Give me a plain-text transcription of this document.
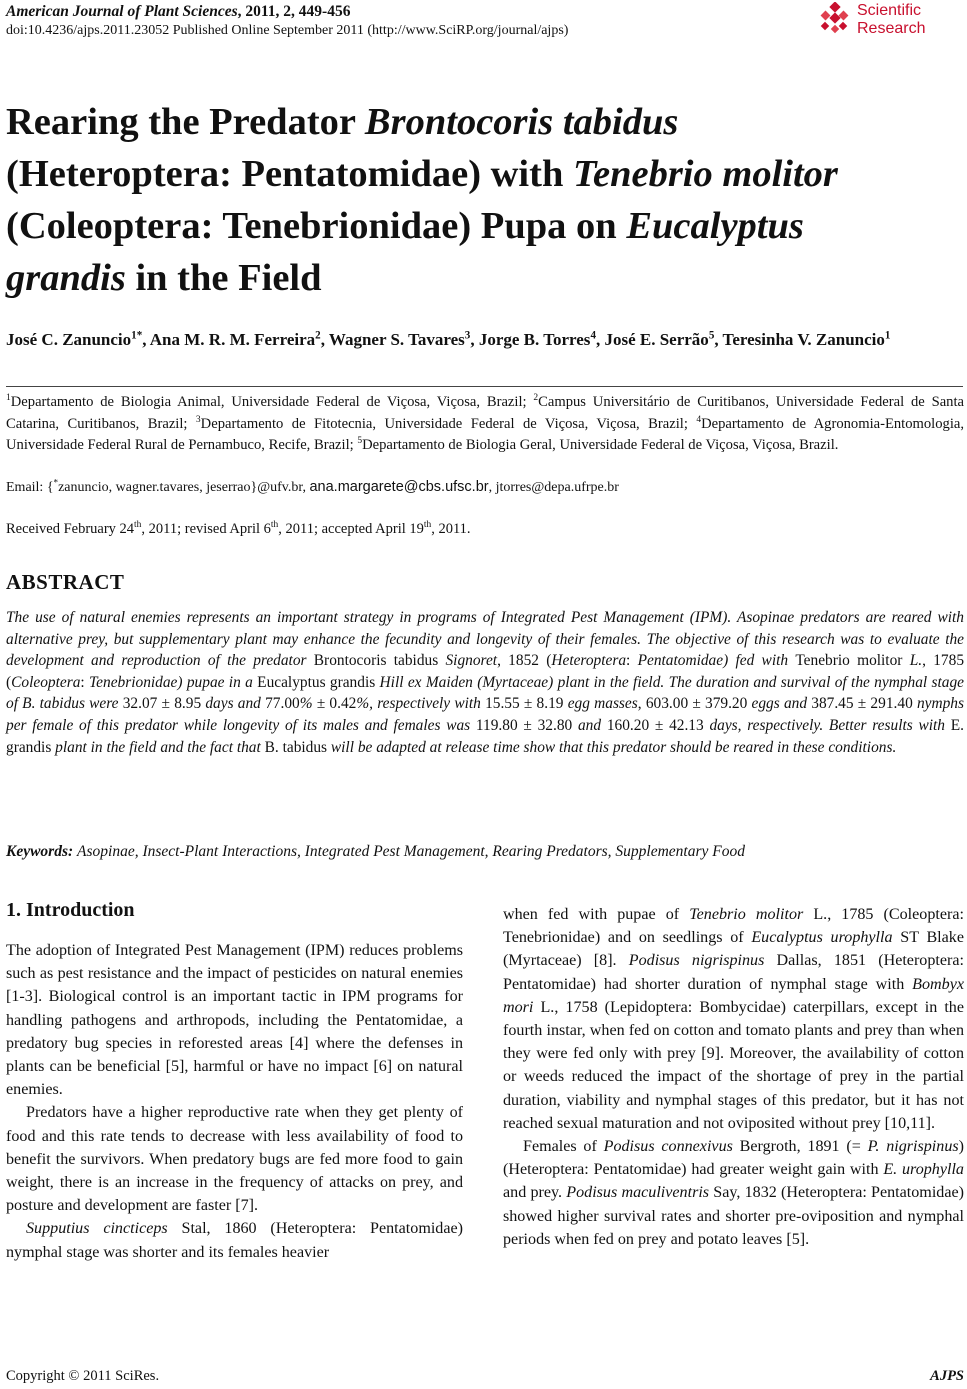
American Journal of Plant Sciences, 2011, 2, 449-456
doi:10.4236/ajps.2011.23052 Published Online September 2011 (http://www.SciRP.org/journal/ajps)
Scientific
Research
Rearing the Predator Brontocoris tabidus
(Heteroptera: Pentatomidae) with Tenebrio molitor (Coleoptera: Tenebrionidae) Pupa on Eucalyptus grandis in the Field
José C. Zanuncio$^{1*}$, Ana M. R. M. Ferreira$^2$, Wagner S. Tavares$^3$, Jorge B. Torres$^4$, José E. Serrão$^5$, Teresinha V. Zanuncio$^1$
$^1$Departamento de Biologia Animal, Universidade Federal de Viçosa, Viçosa, Brazil; $^2$Campus Universitário de Curitibanos, Universidade Federal de Santa Catarina, Curitibanos, Brazil; $^3$Departamento de Fitotecnia, Universidade Federal de Viçosa, Viçosa, Brazil; $^4$Departamento de Agronomia-Entomologia, Universidade Federal Rural de Pernambuco, Recife, Brazil; $^5$Departamento de Biologia Geral, Universidade Federal de Viçosa, Viçosa, Brazil.
Email: {*zanuncio, wagner.tavares, jeserrao}@ufv.br, ana.margarete@cbs.ufsc.br, jtorres@depa.ufrpe.br
Received February 24th, 2011; revised April 6th, 2011; accepted April 19th, 2011.
ABSTRACT
The use of natural enemies represents an important strategy in programs of Integrated Pest Management (IPM). Asopinae predators are reared with alternative prey, but supplementary plant may enhance the fecundity and longevity of their females. The objective of this research was to evaluate the development and reproduction of the predator Brontocoris tabidus Signoret, 1852 (Heteroptera: Pentatomidae) fed with Tenebrio molitor L., 1785 (Coleoptera: Tenebrionidae) pupae in a Eucalyptus grandis Hill ex Maiden (Myrtaceae) plant in the field. The duration and survival of the nymphal stage of B. tabidus were 32.07 ± 8.95 days and 77.00% ± 0.42%, respectively with 15.55 ± 8.19 egg masses, 603.00 ± 379.20 eggs and 387.45 ± 291.40 nymphs per female of this predator while longevity of its males and females was 119.80 ± 32.80 and 160.20 ± 42.13 days, respectively. Better results with E. grandis plant in the field and the fact that B. tabidus will be adapted at release time show that this predator should be reared in these conditions.
Keywords: Asopinae, Insect-Plant Interactions, Integrated Pest Management, Rearing Predators, Supplementary Food
1. Introduction

The adoption of Integrated Pest Management (IPM) reduces problems such as pest resistance and the impact of pesticides on natural enemies [1-3]. Biological control is an important tactic in IPM programs for handling pathogens and arthropods, including the Pentatomidae, a predatory bug species in reforested areas [4] where the defenses in plants can be beneficial [5], harmful or have no impact [6] on natural enemies.

Predators have a higher reproductive rate when they get plenty of food and this rate tends to decrease with less availability of food to benefit the survivors. When predatory bugs are fed more food to gain weight, there is an increase in the frequency of attacks on prey, and posture and development are faster [7].

Supputius cincticeps Stal, 1860 (Heteroptera: Pentatomidae) nymphal stage was shorter and its females heavier

when fed with pupae of Tenebrio molitor L., 1785 (Coleoptera: Tenebrionidae) and on seedlings of Eucalyptus urophylla ST Blake (Myrtaceae) [8]. Podisus nigrispinus Dallas, 1851 (Heteroptera: Pentatomidae) had shorter duration of nymphal stage with Bombyx mori L., 1758 (Lepidoptera: Bombycidae) caterpillars, except in the fourth instar, when fed on cotton and tomato plants and prey than when they were fed only with prey [9]. Moreover, the availability of cotton or weeds reduced the impact of the shortage of prey in the partial duration, viability and nymphal stages of this predator, but it has not reached sexual maturation and not oviposited without prey [10,11].

Females of Podisus connexivus Bergroth, 1891 (= P. nigrispinus) (Heteroptera: Pentatomidae) had greater weight gain with E. urophylla and prey. Podisus maculiventris Say, 1832 (Heteroptera: Pentatomidae) showed higher survival rates and shorter pre-oviposition and nymphal periods when fed on prey and potato leaves [5].

Copyright © 2011 SciRes.	AJPS
